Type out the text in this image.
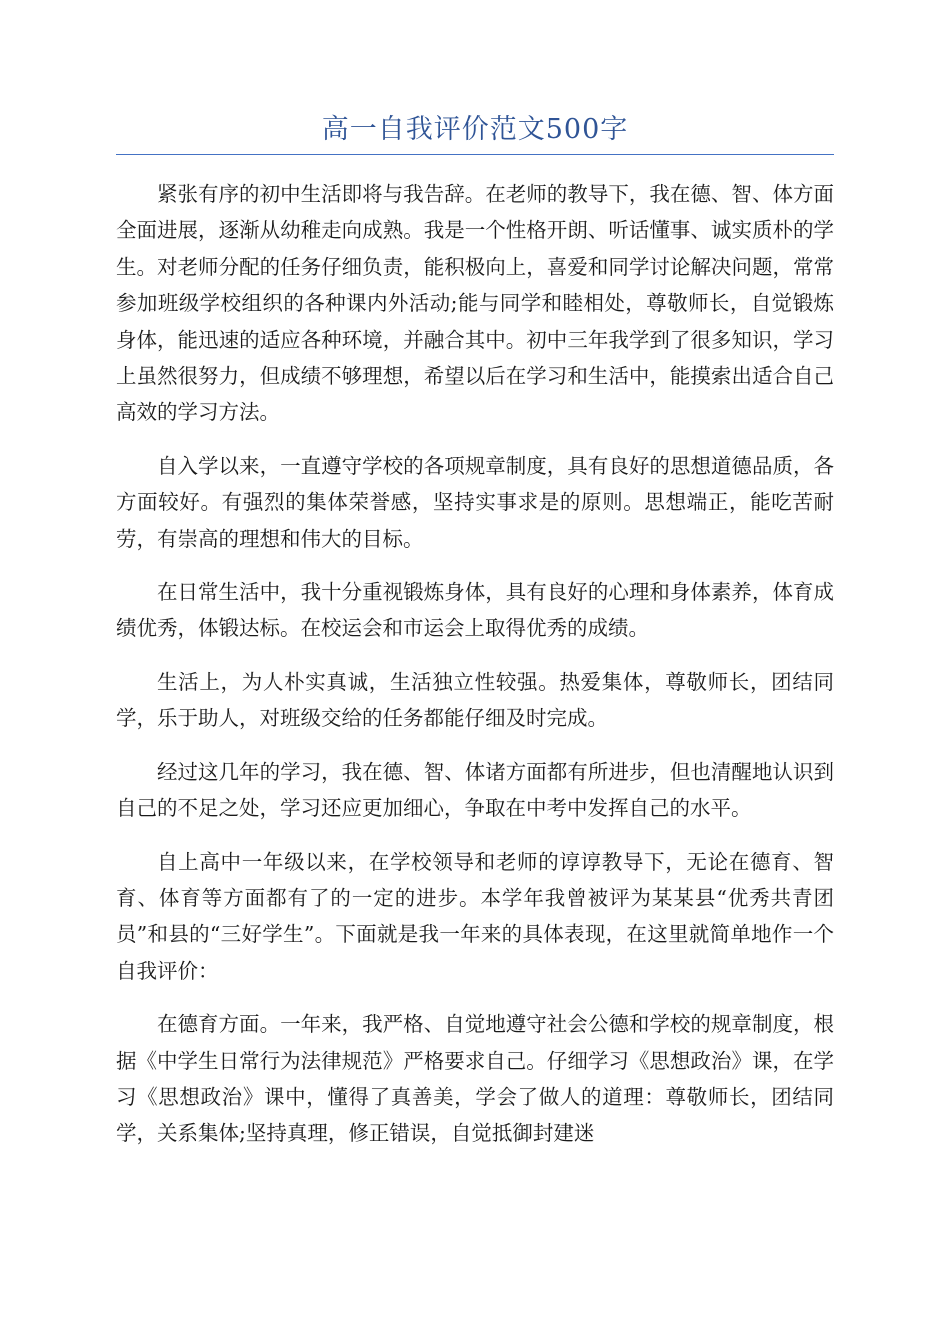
高一自我评价范文500字

紧张有序的初中生活即将与我告辞。在老师的教导下，我在德、智、体方面全面进展，逐渐从幼稚走向成熟。我是一个性格开朗、听话懂事、诚实质朴的学生。对老师分配的任务仔细负责，能积极向上，喜爱和同学讨论解决问题，常常参加班级学校组织的各种课内外活动;能与同学和睦相处，尊敬师长，自觉锻炼身体，能迅速的适应各种环境，并融合其中。初中三年我学到了很多知识，学习上虽然很努力，但成绩不够理想，希望以后在学习和生活中，能摸索出适合自己高效的学习方法。

自入学以来，一直遵守学校的各项规章制度，具有良好的思想道德品质，各方面较好。有强烈的集体荣誉感，坚持实事求是的原则。思想端正，能吃苦耐劳，有崇高的理想和伟大的目标。

在日常生活中，我十分重视锻炼身体，具有良好的心理和身体素养，体育成绩优秀，体锻达标。在校运会和市运会上取得优秀的成绩。

生活上，为人朴实真诚，生活独立性较强。热爱集体，尊敬师长，团结同学，乐于助人，对班级交给的任务都能仔细及时完成。

经过这几年的学习，我在德、智、体诸方面都有所进步，但也清醒地认识到自己的不足之处，学习还应更加细心，争取在中考中发挥自己的水平。

自上高中一年级以来，在学校领导和老师的谆谆教导下，无论在德育、智育、体育等方面都有了的一定的进步。本学年我曾被评为某某县“优秀共青团员”和县的“三好学生”。下面就是我一年来的具体表现，在这里就简单地作一个自我评价：

在德育方面。一年来，我严格、自觉地遵守社会公德和学校的规章制度，根据《中学生日常行为法律规范》严格要求自己。仔细学习《思想政治》课，在学习《思想政治》课中，懂得了真善美，学会了做人的道理：尊敬师长，团结同学，关系集体;坚持真理，修正错误，自觉抵御封建迷
